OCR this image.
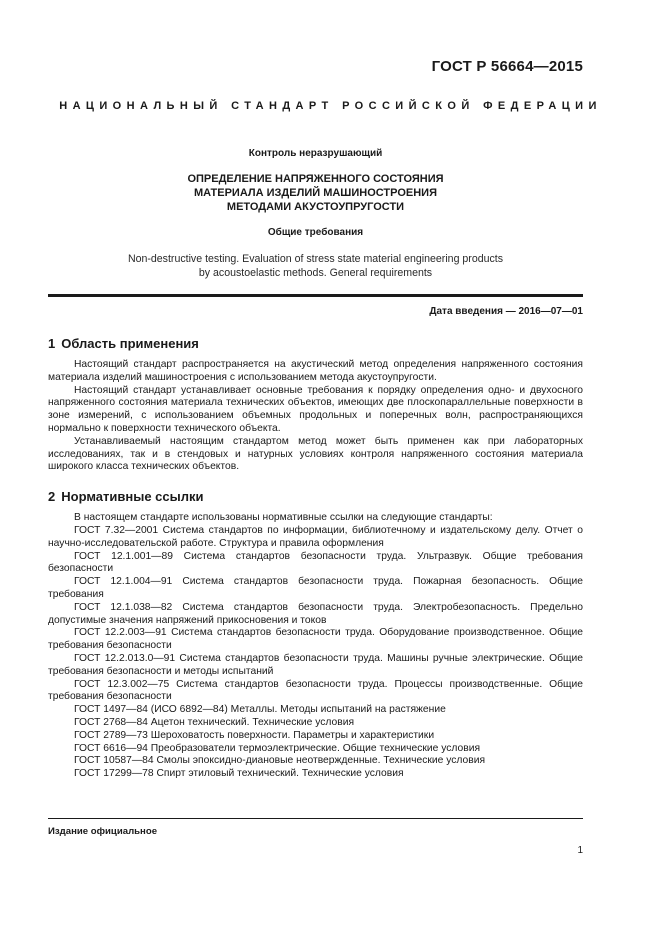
ГОСТ Р 56664—2015
НАЦИОНАЛЬНЫЙ СТАНДАРТ РОССИЙСКОЙ ФЕДЕРАЦИИ
Контроль неразрушающий
ОПРЕДЕЛЕНИЕ НАПРЯЖЕННОГО СОСТОЯНИЯ
МАТЕРИАЛА ИЗДЕЛИЙ МАШИНОСТРОЕНИЯ
МЕТОДАМИ АКУСТОУПРУГОСТИ
Общие требования
Non-destructive testing. Evaluation of stress state material engineering products
by acoustoelastic methods. General requirements
Дата введения — 2016—07—01
1 Область применения

Настоящий стандарт распространяется на акустический метод определения напряженного состояния материала изделий машиностроения с использованием метода акустоупругости.

Настоящий стандарт устанавливает основные требования к порядку определения одно- и двухосного напряженного состояния материала технических объектов, имеющих две плоскопараллельные поверхности в зоне измерений, с использованием объемных продольных и поперечных волн, распространяющихся нормально к поверхности технического объекта.

Устанавливаемый настоящим стандартом метод может быть применен как при лабораторных исследованиях, так и в стендовых и натурных условиях контроля напряженного состояния материала широкого класса технических объектов.

2 Нормативные ссылки

В настоящем стандарте использованы нормативные ссылки на следующие стандарты:

ГОСТ 7.32—2001 Система стандартов по информации, библиотечному и издательскому делу. Отчет о научно-исследовательской работе. Структура и правила оформления

ГОСТ 12.1.001—89 Система стандартов безопасности труда. Ультразвук. Общие требования безопасности

ГОСТ 12.1.004—91 Система стандартов безопасности труда. Пожарная безопасность. Общие требования

ГОСТ 12.1.038—82 Система стандартов безопасности труда. Электробезопасность. Предельно допустимые значения напряжений прикосновения и токов

ГОСТ 12.2.003—91 Система стандартов безопасности труда. Оборудование производственное. Общие требования безопасности

ГОСТ 12.2.013.0—91 Система стандартов безопасности труда. Машины ручные электрические. Общие требования безопасности и методы испытаний

ГОСТ 12.3.002—75 Система стандартов безопасности труда. Процессы производственные. Общие требования безопасности

ГОСТ 1497—84 (ИСО 6892—84) Металлы. Методы испытаний на растяжение

ГОСТ 2768—84 Ацетон технический. Технические условия

ГОСТ 2789—73 Шероховатость поверхности. Параметры и характеристики

ГОСТ 6616—94 Преобразователи термоэлектрические. Общие технические условия

ГОСТ 10587—84 Смолы эпоксидно-диановые неотвержденные. Технические условия

ГОСТ 17299—78 Спирт этиловый технический. Технические условия

Издание официальное
1
